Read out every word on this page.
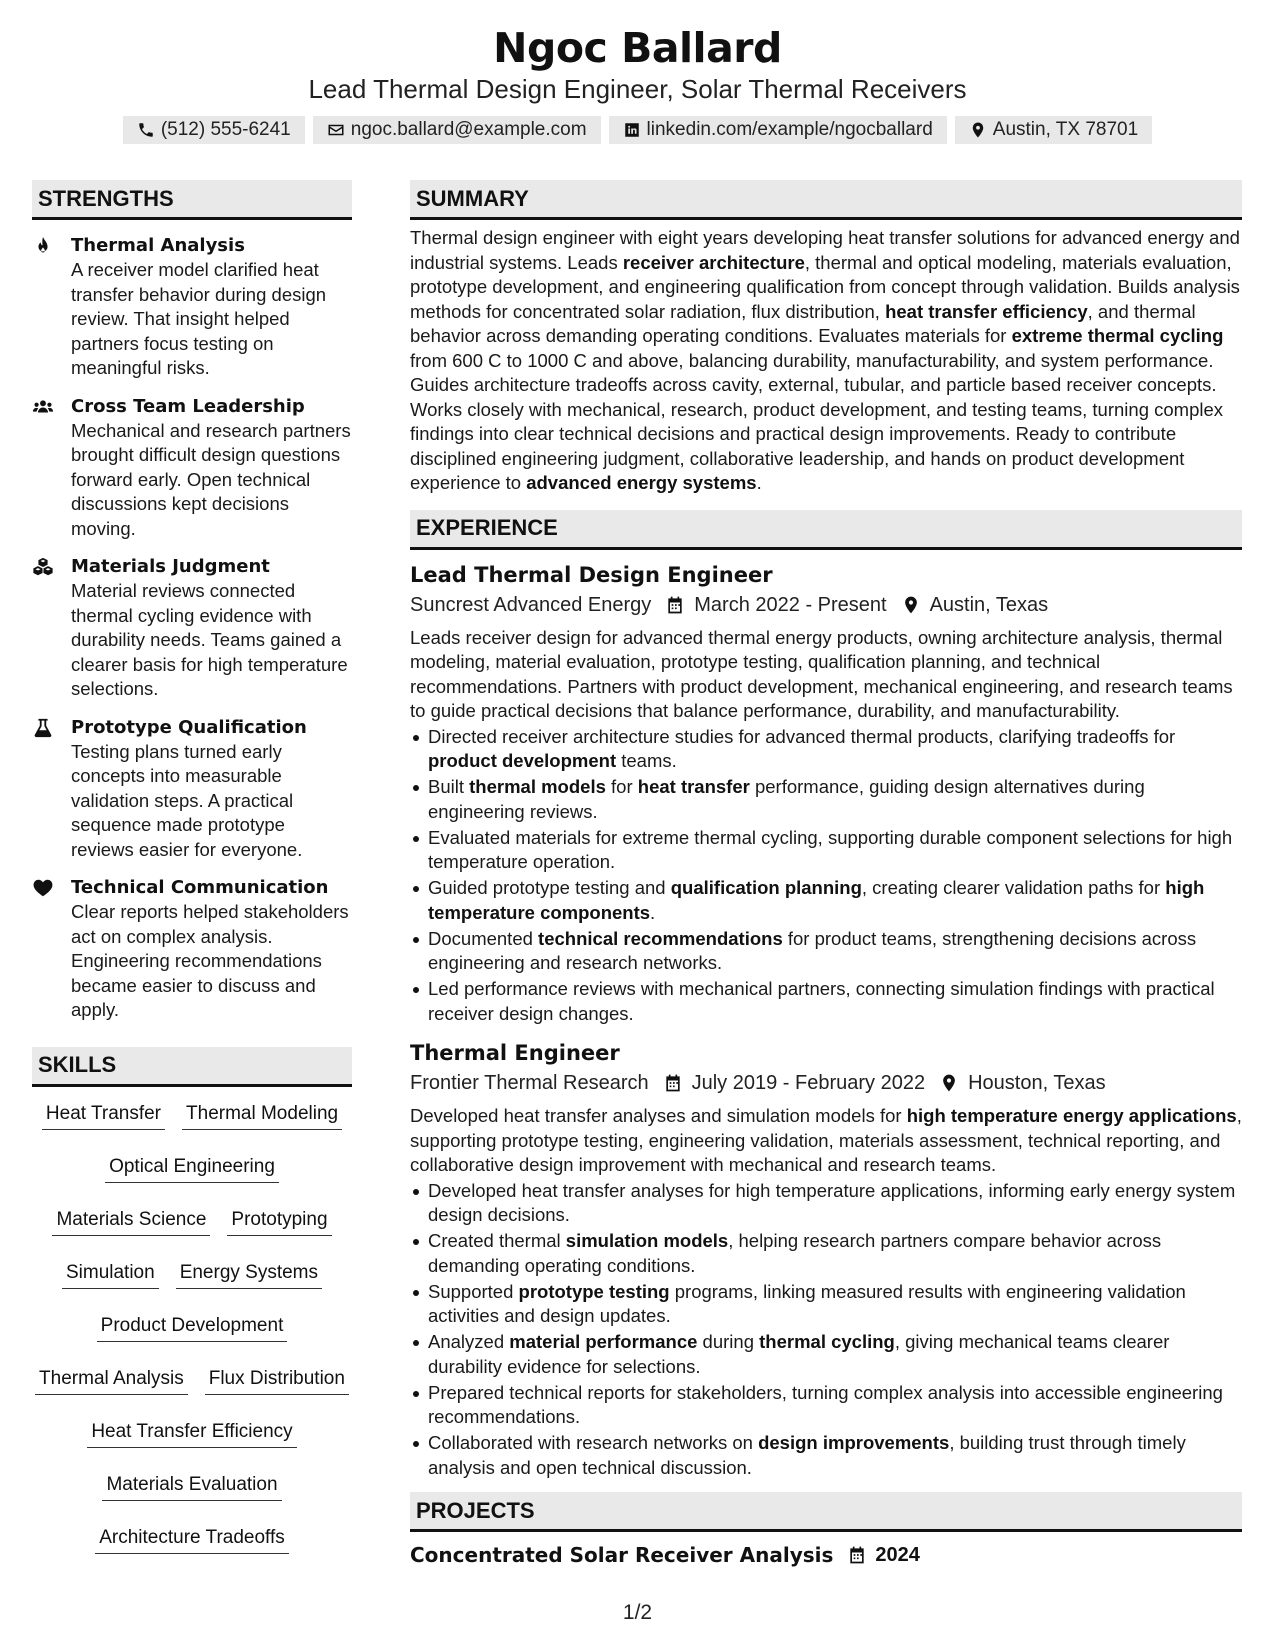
Ngoc Ballard
Lead Thermal Design Engineer, Solar Thermal Receivers
(512) 555-6241	ngoc.ballard@example.com	linkedin.com/example/ngocballard	Austin, TX 78701
STRENGTHS
Thermal Analysis
A receiver model clarified heat transfer behavior during design review. That insight helped partners focus testing on meaningful risks.
Cross Team Leadership
Mechanical and research partners brought difficult design questions forward early. Open technical discussions kept decisions moving.
Materials Judgment
Material reviews connected thermal cycling evidence with durability needs. Teams gained a clearer basis for high temperature selections.
Prototype Qualification
Testing plans turned early concepts into measurable validation steps. A practical sequence made prototype reviews easier for everyone.
Technical Communication
Clear reports helped stakeholders act on complex analysis. Engineering recommendations became easier to discuss and apply.
SKILLS
Heat Transfer Thermal Modeling
Optical Engineering
Materials Science Prototyping
Simulation Energy Systems
Product Development
Thermal Analysis Flux Distribution
Heat Transfer Efficiency
Materials Evaluation
Architecture Tradeoffs
SUMMARY

Thermal design engineer with eight years developing heat transfer solutions for advanced energy and industrial systems. Leads receiver architecture, thermal and optical modeling, materials evaluation, prototype development, and engineering qualification from concept through validation. Builds analysis methods for concentrated solar radiation, flux distribution, heat transfer efficiency, and thermal behavior across demanding operating conditions. Evaluates materials for extreme thermal cycling from 600 C to 1000 C and above, balancing durability, manufacturability, and system performance. Guides architecture tradeoffs across cavity, external, tubular, and particle based receiver concepts. Works closely with mechanical, research, product development, and testing teams, turning complex findings into clear technical decisions and practical design improvements. Ready to contribute disciplined engineering judgment, collaborative leadership, and hands on product development experience to advanced energy systems.

EXPERIENCE
Lead Thermal Design Engineer
Suncrest Advanced Energy March 2022 - Present Austin, Texas

Leads receiver design for advanced thermal energy products, owning architecture analysis, thermal modeling, material evaluation, prototype testing, qualification planning, and technical recommendations. Partners with product development, mechanical engineering, and research teams to guide practical decisions that balance performance, durability, and manufacturability.

Directed receiver architecture studies for advanced thermal products, clarifying tradeoffs for product development teams.
Built thermal models for heat transfer performance, guiding design alternatives during engineering reviews.
Evaluated materials for extreme thermal cycling, supporting durable component selections for high temperature operation.
Guided prototype testing and qualification planning, creating clearer validation paths for high temperature components.
Documented technical recommendations for product teams, strengthening decisions across engineering and research networks.
Led performance reviews with mechanical partners, connecting simulation findings with practical receiver design changes.
Thermal Engineer
Frontier Thermal Research July 2019 - February 2022 Houston, Texas

Developed heat transfer analyses and simulation models for high temperature energy applications, supporting prototype testing, engineering validation, materials assessment, technical reporting, and collaborative design improvement with mechanical and research teams.

Developed heat transfer analyses for high temperature applications, informing early energy system design decisions.
Created thermal simulation models, helping research partners compare behavior across demanding operating conditions.
Supported prototype testing programs, linking measured results with engineering validation activities and design updates.
Analyzed material performance during thermal cycling, giving mechanical teams clearer durability evidence for selections.
Prepared technical reports for stakeholders, turning complex analysis into accessible engineering recommendations.
Collaborated with research networks on design improvements, building trust through timely analysis and open technical discussion.
PROJECTS
Concentrated Solar Receiver Analysis 2024
1/2
